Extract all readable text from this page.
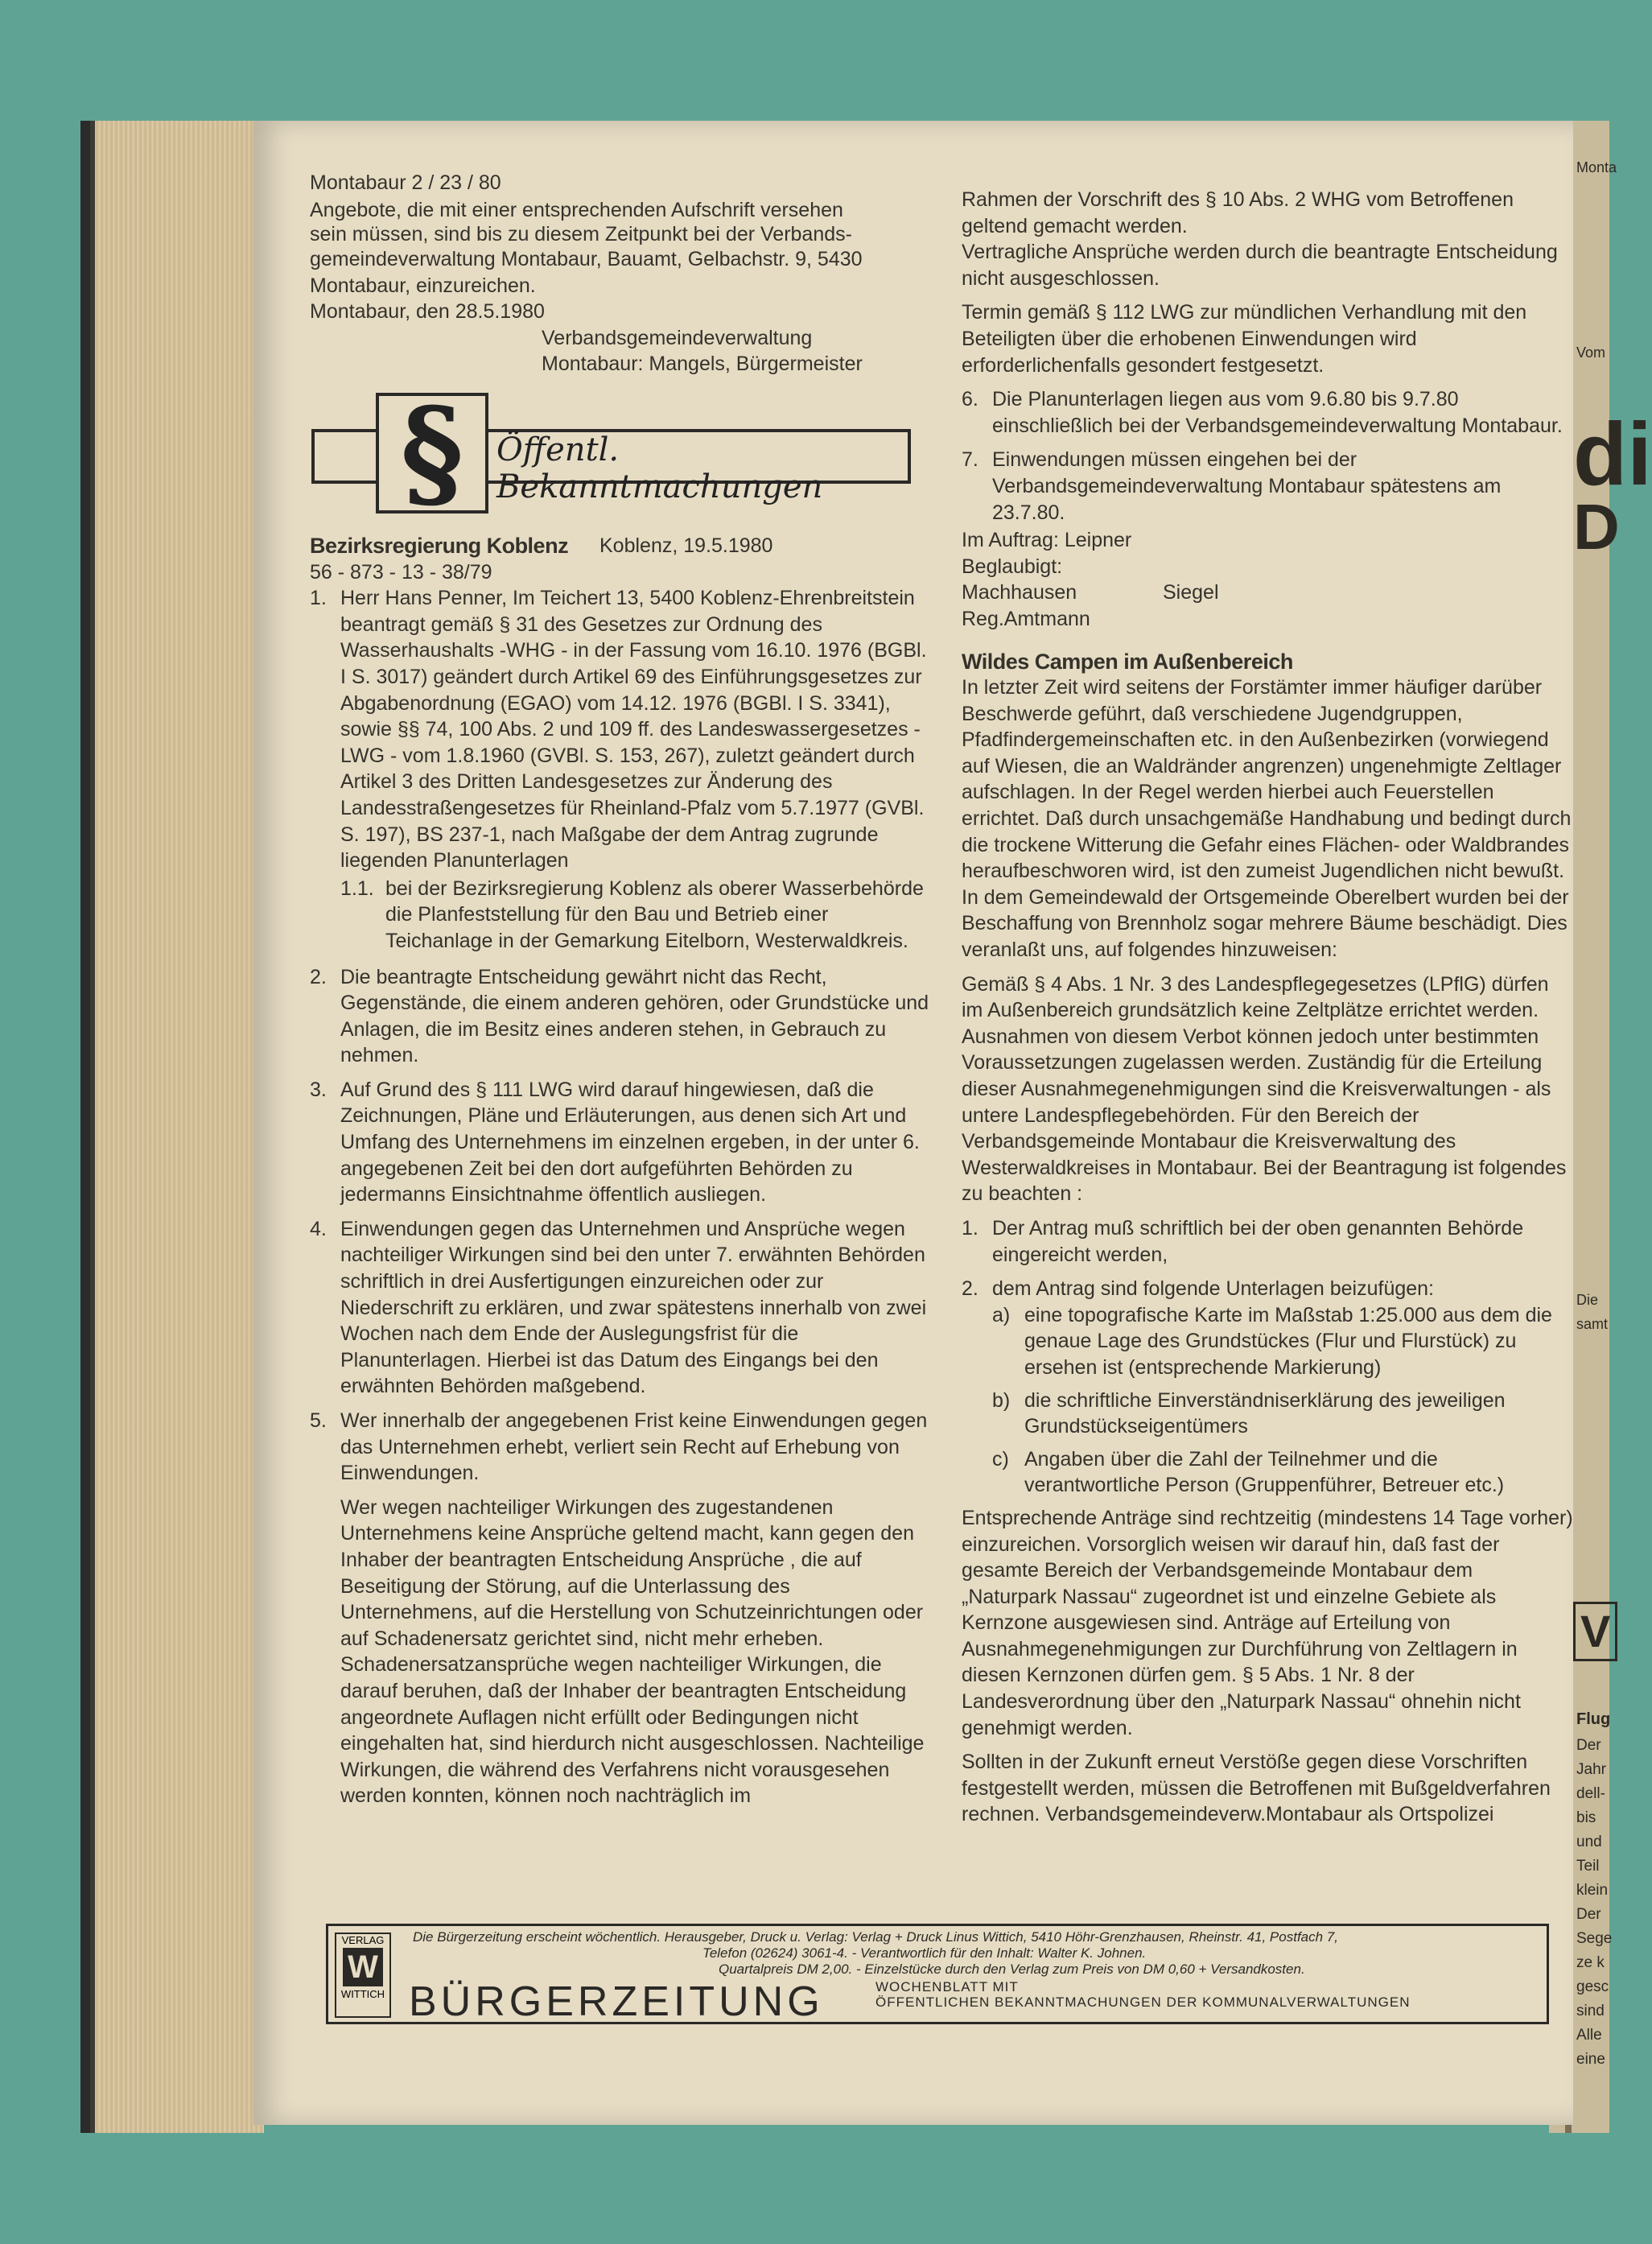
Monta
Vom
di
D
Die
samt
V
Flug
Der
Jahr
dell-
bis
und
Teil
klein
Der
Sege
ze k
gesc
sind
Alle
eine
Montabaur 2 / 23 / 80
Angebote, die mit einer entsprechenden Aufschrift versehen
sein müssen, sind bis zu diesem Zeitpunkt bei der Verbands-
gemeindeverwaltung Montabaur, Bauamt, Gelbachstr. 9, 5430
Montabaur, einzureichen.
Montabaur, den 28.5.1980
Verbandsgemeindeverwaltung
Montabaur: Mangels, Bürgermeister
§	Öffentl. Bekanntmachungen
Bezirksregierung Koblenz	Koblenz, 19.5.1980
56 - 873 - 13 - 38/79
1. Herr Hans Penner, Im Teichert 13, 5400 Koblenz-Ehrenbreitstein beantragt gemäß § 31 des Gesetzes zur Ordnung des Wasserhaushalts -WHG - in der Fassung vom 16.10. 1976 (BGBl. I S. 3017) geändert durch Artikel 69 des Einführungsgesetzes zur Abgabenordnung (EGAO) vom 14.12. 1976 (BGBl. I S. 3341), sowie §§ 74, 100 Abs. 2 und 109 ff. des Landeswassergesetzes - LWG - vom 1.8.1960 (GVBl. S. 153, 267), zuletzt geändert durch Artikel 3 des Dritten Landesgesetzes zur Änderung des Landesstraßengesetzes für Rheinland-Pfalz vom 5.7.1977 (GVBl. S. 197), BS 237-1, nach Maßgabe der dem Antrag zugrunde liegenden Planunterlagen
1.1. bei der Bezirksregierung Koblenz als oberer Wasserbehörde die Planfeststellung für den Bau und Betrieb einer Teichanlage in der Gemarkung Eitelborn, Westerwaldkreis.
2. Die beantragte Entscheidung gewährt nicht das Recht, Gegenstände, die einem anderen gehören, oder Grundstücke und Anlagen, die im Besitz eines anderen stehen, in Gebrauch zu nehmen.
3. Auf Grund des § 111 LWG wird darauf hingewiesen, daß die Zeichnungen, Pläne und Erläuterungen, aus denen sich Art und Umfang des Unternehmens im einzelnen ergeben, in der unter 6. angegebenen Zeit bei den dort aufgeführten Behörden zu jedermanns Einsichtnahme öffentlich ausliegen.
4. Einwendungen gegen das Unternehmen und Ansprüche wegen nachteiliger Wirkungen sind bei den unter 7. erwähnten Behörden schriftlich in drei Ausfertigungen einzureichen oder zur Niederschrift zu erklären, und zwar spätestens innerhalb von zwei Wochen nach dem Ende der Auslegungsfrist für die Planunterlagen. Hierbei ist das Datum des Eingangs bei den erwähnten Behörden maßgebend.
5. Wer innerhalb der angegebenen Frist keine Einwendungen gegen das Unternehmen erhebt, verliert sein Recht auf Erhebung von Einwendungen.
Wer wegen nachteiliger Wirkungen des zugestandenen Unternehmens keine Ansprüche geltend macht, kann gegen den Inhaber der beantragten Entscheidung Ansprüche , die auf Beseitigung der Störung, auf die Unterlassung des Unternehmens, auf die Herstellung von Schutzeinrichtungen oder auf Schadenersatz gerichtet sind, nicht mehr erheben. Schadenersatzansprüche wegen nachteiliger Wirkungen, die darauf beruhen, daß der Inhaber der beantragten Entscheidung angeordnete Auflagen nicht erfüllt oder Bedingungen nicht eingehalten hat, sind hierdurch nicht ausgeschlossen. Nachteilige Wirkungen, die während des Verfahrens nicht vorausgesehen werden konnten, können noch nachträglich im

Rahmen der Vorschrift des § 10 Abs. 2 WHG vom Betroffenen geltend gemacht werden.

Vertragliche Ansprüche werden durch die beantragte Entscheidung nicht ausgeschlossen.

Termin gemäß § 112 LWG zur mündlichen Verhandlung mit den Beteiligten über die erhobenen Einwendungen wird erforderlichenfalls gesondert festgesetzt.

6. Die Planunterlagen liegen aus vom 9.6.80 bis 9.7.80 einschließlich bei der Verbandsgemeindeverwaltung Montabaur.
7. Einwendungen müssen eingehen bei der Verbandsgemeindeverwaltung Montabaur spätestens am 23.7.80.
Im Auftrag: Leipner
Beglaubigt:
Machhausen	Siegel
Reg.Amtmann
Wildes Campen im Außenbereich

In letzter Zeit wird seitens der Forstämter immer häufiger darüber Beschwerde geführt, daß verschiedene Jugendgruppen, Pfadfindergemeinschaften etc. in den Außenbezirken (vorwiegend auf Wiesen, die an Waldränder angrenzen) ungenehmigte Zeltlager aufschlagen. In der Regel werden hierbei auch Feuerstellen errichtet. Daß durch unsachgemäße Handhabung und bedingt durch die trockene Witterung die Gefahr eines Flächen- oder Waldbrandes heraufbeschworen wird, ist den zumeist Jugendlichen nicht bewußt. In dem Gemeindewald der Ortsgemeinde Oberelbert wurden bei der Beschaffung von Brennholz sogar mehrere Bäume beschädigt. Dies veranlaßt uns, auf folgendes hinzuweisen:

Gemäß § 4 Abs. 1 Nr. 3 des Landespflegegesetzes (LPflG) dürfen im Außenbereich grundsätzlich keine Zeltplätze errichtet werden. Ausnahmen von diesem Verbot können jedoch unter bestimmten Voraussetzungen zugelassen werden. Zuständig für die Erteilung dieser Ausnahmegenehmigungen sind die Kreisverwaltungen - als untere Landespflegebehörden. Für den Bereich der Verbandsgemeinde Montabaur die Kreisverwaltung des Westerwaldkreises in Montabaur. Bei der Beantragung ist folgendes zu beachten :

1. Der Antrag muß schriftlich bei der oben genannten Behörde eingereicht werden,
2. dem Antrag sind folgende Unterlagen beizufügen:
a) eine topografische Karte im Maßstab 1:25.000 aus dem die genaue Lage des Grundstückes (Flur und Flurstück) zu ersehen ist (entsprechende Markierung)
b) die schriftliche Einverständniserklärung des jeweiligen Grundstückseigentümers
c) Angaben über die Zahl der Teilnehmer und die verantwortliche Person (Gruppenführer, Betreuer etc.)

Entsprechende Anträge sind rechtzeitig (mindestens 14 Tage vorher) einzureichen. Vorsorglich weisen wir darauf hin, daß fast der gesamte Bereich der Verbandsgemeinde Montabaur dem „Naturpark Nassau“ zugeordnet ist und einzelne Gebiete als Kernzone ausgewiesen sind. Anträge auf Erteilung von Ausnahmegenehmigungen zur Durchführung von Zeltlagern in diesen Kernzonen dürfen gem. § 5 Abs. 1 Nr. 8 der Landesverordnung über den „Naturpark Nassau“ ohnehin nicht genehmigt werden.

Sollten in der Zukunft erneut Verstöße gegen diese Vorschriften festgestellt werden, müssen die Betroffenen mit Bußgeldverfahren rechnen. Verbandsgemeindeverw.Montabaur als Ortspolizei

VERLAG
W
WITTICH
Die Bürgerzeitung erscheint wöchentlich. Herausgeber, Druck u. Verlag: Verlag + Druck Linus Wittich, 5410 Höhr-Grenzhausen, Rheinstr. 41, Postfach 7,
Telefon (02624) 3061-4. - Verantwortlich für den Inhalt: Walter K. Johnen.
Quartalpreis DM 2,00. - Einzelstücke durch den Verlag zum Preis von DM 0,60 + Versandkosten.
BÜRGERZEITUNG	WOCHENBLATT MIT
ÖFFENTLICHEN BEKANNTMACHUNGEN DER KOMMUNALVERWALTUNGEN
